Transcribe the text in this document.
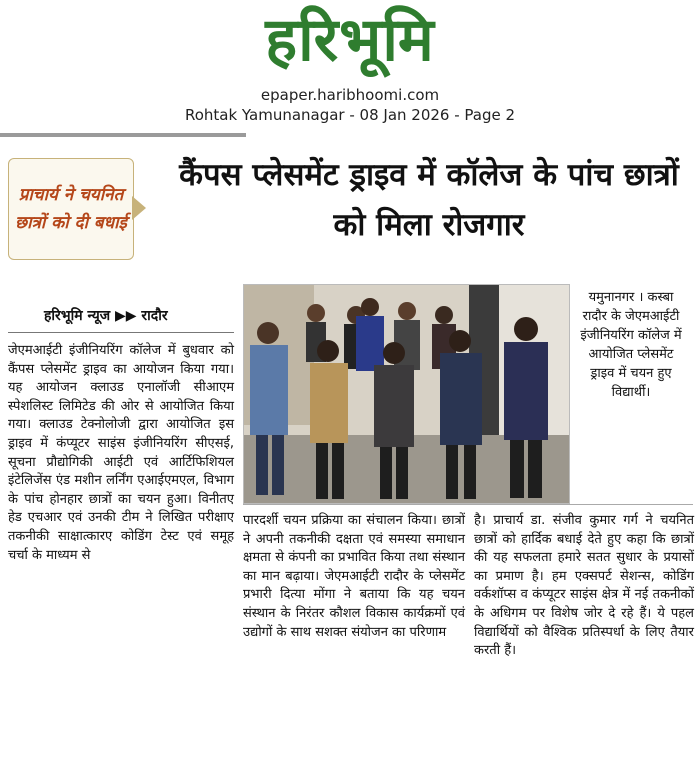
हरिभूमि
epaper.haribhoomi.com
Rohtak Yamunanagar - 08 Jan 2026 - Page 2
प्राचार्य ने चयनित छात्रों को दी बधाई
कैंपस प्लेसमेंट ड्राइव में कॉलेज के पांच छात्रों को मिला रोजगार
हरिभूमि न्यूज ▶▶ रादौर
जेएमआईटी इंजीनियरिंग कॉलेज में बुधवार को कैंपस प्लेसमेंट ड्राइव का आयोजन किया गया। यह आयोजन क्लाउड एनालॉजी सीआएम स्पेशलिस्ट लिमिटेड की ओर से आयोजित किया गया। क्लाउड टेक्नोलोजी द्वारा आयोजित इस ड्राइव में कंप्यूटर साइंस इंजीनियरिंग सीएसई, सूचना प्रौद्योगिकी आईटी एवं आर्टिफिशियल इंटेलिजेंस एंड मशीन लर्निंग एआईएमएल, विभाग के पांच होनहार छात्रों का चयन हुआ। विनीतए हेड एचआर एवं उनकी टीम ने लिखित परीक्षाए तकनीकी साक्षात्कारए कोडिंग टेस्ट एवं समूह चर्चा के माध्यम से
यमुनानगर । कस्बा रादौर के जेएमआईटी इंजीनियरिंग कॉलेज में आयोजित प्लेसमेंट ड्राइव में चयन हुए विद्यार्थी।
पारदर्शी चयन प्रक्रिया का संचालन किया। छात्रों ने अपनी तकनीकी दक्षता एवं समस्या समाधान क्षमता से कंपनी का प्रभावित किया तथा संस्थान का मान बढ़ाया। जेएमआईटी रादौर के प्लेसमेंट प्रभारी दित्या मोंगा ने बताया कि यह चयन संस्थान के निरंतर कौशल विकास कार्यक्रमों एवं उद्योगों के साथ सशक्त संयोजन का परिणाम
है। प्राचार्य डा. संजीव कुमार गर्ग ने चयनित छात्रों को हार्दिक बधाई देते हुए कहा कि छात्रों की यह सफलता हमारे सतत सुधार के प्रयासों का प्रमाण है। हम एक्सपर्ट सेशन्स, कोडिंग वर्कशॉप्स व कंप्यूटर साइंस क्षेत्र में नई तकनीकों के अधिगम पर विशेष जोर दे रहे हैं। ये पहल विद्यार्थियों को वैश्विक प्रतिस्पर्धा के लिए तैयार करती हैं।
